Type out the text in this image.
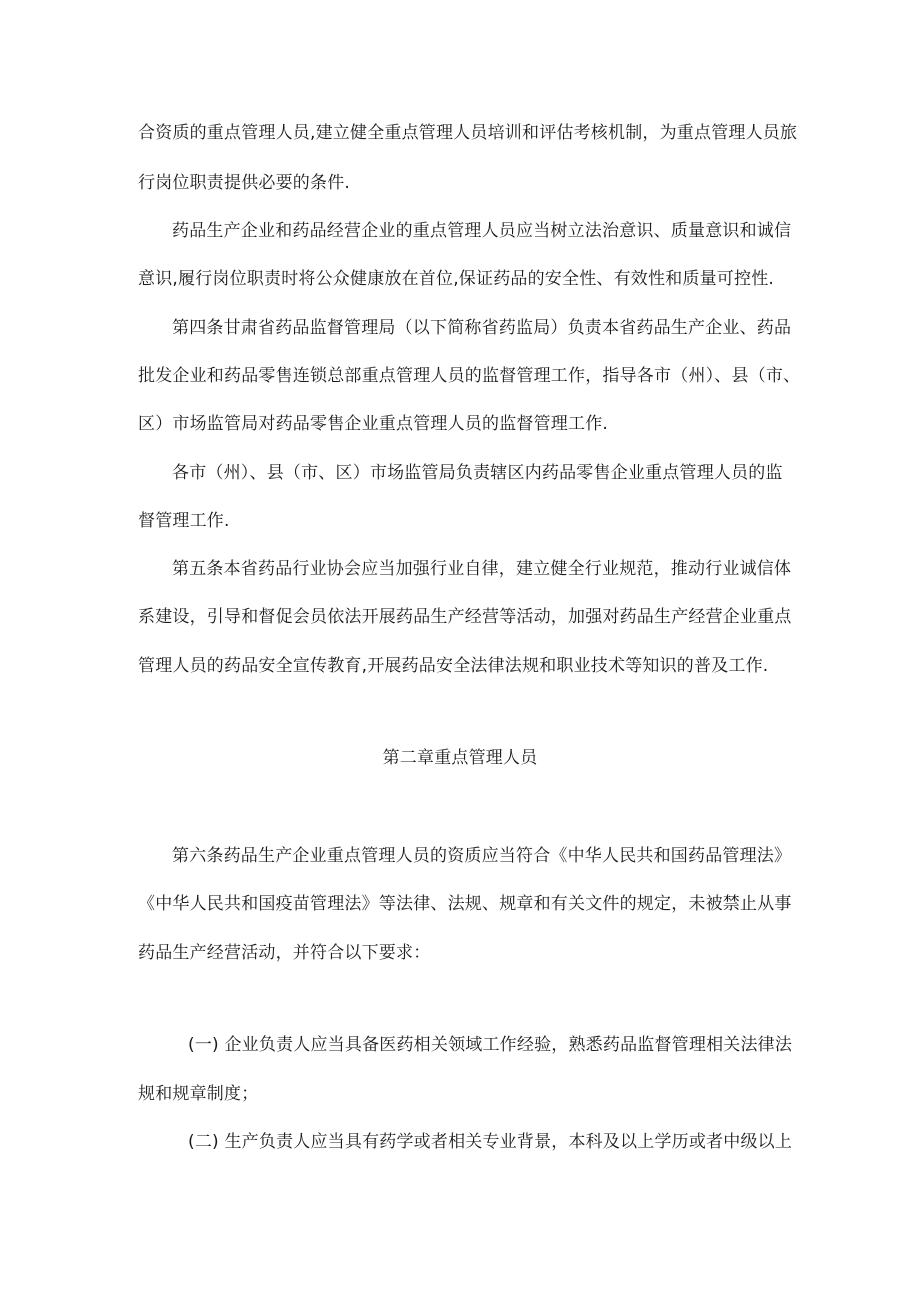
合资质的重点管理人员,建立健全重点管理人员培训和评估考核机制，为重点管理人员旅
行岗位职责提供必要的条件.
药品生产企业和药品经营企业的重点管理人员应当树立法治意识、质量意识和诚信
意识,履行岗位职责时将公众健康放在首位,保证药品的安全性、有效性和质量可控性.
第四条甘肃省药品监督管理局（以下简称省药监局）负责本省药品生产企业、药品
批发企业和药品零售连锁总部重点管理人员的监督管理工作，指导各市（州）、县（市、
区）市场监管局对药品零售企业重点管理人员的监督管理工作.
各市（州）、县（市、区）市场监管局负责辖区内药品零售企业重点管理人员的监
督管理工作.
第五条本省药品行业协会应当加强行业自律，建立健全行业规范，推动行业诚信体
系建设，引导和督促会员依法开展药品生产经营等活动，加强对药品生产经营企业重点
管理人员的药品安全宣传教育,开展药品安全法律法规和职业技术等知识的普及工作.
第二章重点管理人员
第六条药品生产企业重点管理人员的资质应当符合《中华人民共和国药品管理法》
《中华人民共和国疫苗管理法》等法律、法规、规章和有关文件的规定，未被禁止从事
药品生产经营活动，并符合以下要求：
(一) 企业负责人应当具备医药相关领域工作经验，熟悉药品监督管理相关法律法
规和规章制度；
(二) 生产负责人应当具有药学或者相关专业背景，本科及以上学历或者中级以上
